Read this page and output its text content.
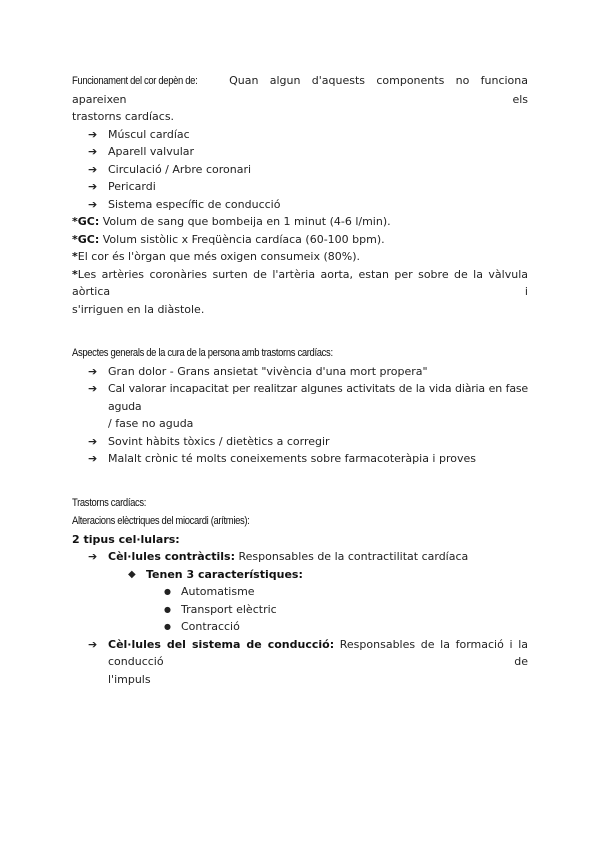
Funcionament del cor depèn de: Quan algun d'aquests components no funciona apareixen els

trastorns cardíacs.

➔ Múscul cardíac
➔ Aparell valvular
➔ Circulació / Arbre coronari
➔ Pericardi
➔ Sistema específic de conducció

*GC: Volum de sang que bombeija en 1 minut (4-6 l/min).

*GC: Volum sistòlic x Freqüència cardíaca (60-100 bpm).

*El cor és l'òrgan que més oxigen consumeix (80%).

*Les artèries coronàries surten de l'artèria aorta, estan per sobre de la vàlvula aòrtica i

s'irriguen en la diàstole.

Aspectes generals de la cura de la persona amb trastorns cardíacs:

➔ Gran dolor - Grans ansietat "vivència d'una mort propera"
➔ Cal valorar incapacitat per realitzar algunes activitats de la vida diària en fase aguda
/ fase no aguda
➔ Sovint hàbits tòxics / dietètics a corregir
➔ Malalt crònic té molts coneixements sobre farmacoteràpia i proves

Trastorns cardíacs:

Alteracions elèctriques del miocardi (arítmies):

2 tipus cel·lulars:

➔ Cèl·lules contràctils: Responsables de la contractilitat cardíaca
◆ Tenen 3 característiques:
● Automatisme
● Transport elèctric
● Contracció
➔ Cèl·lules del sistema de conducció: Responsables de la formació i la conducció de
l'impuls
